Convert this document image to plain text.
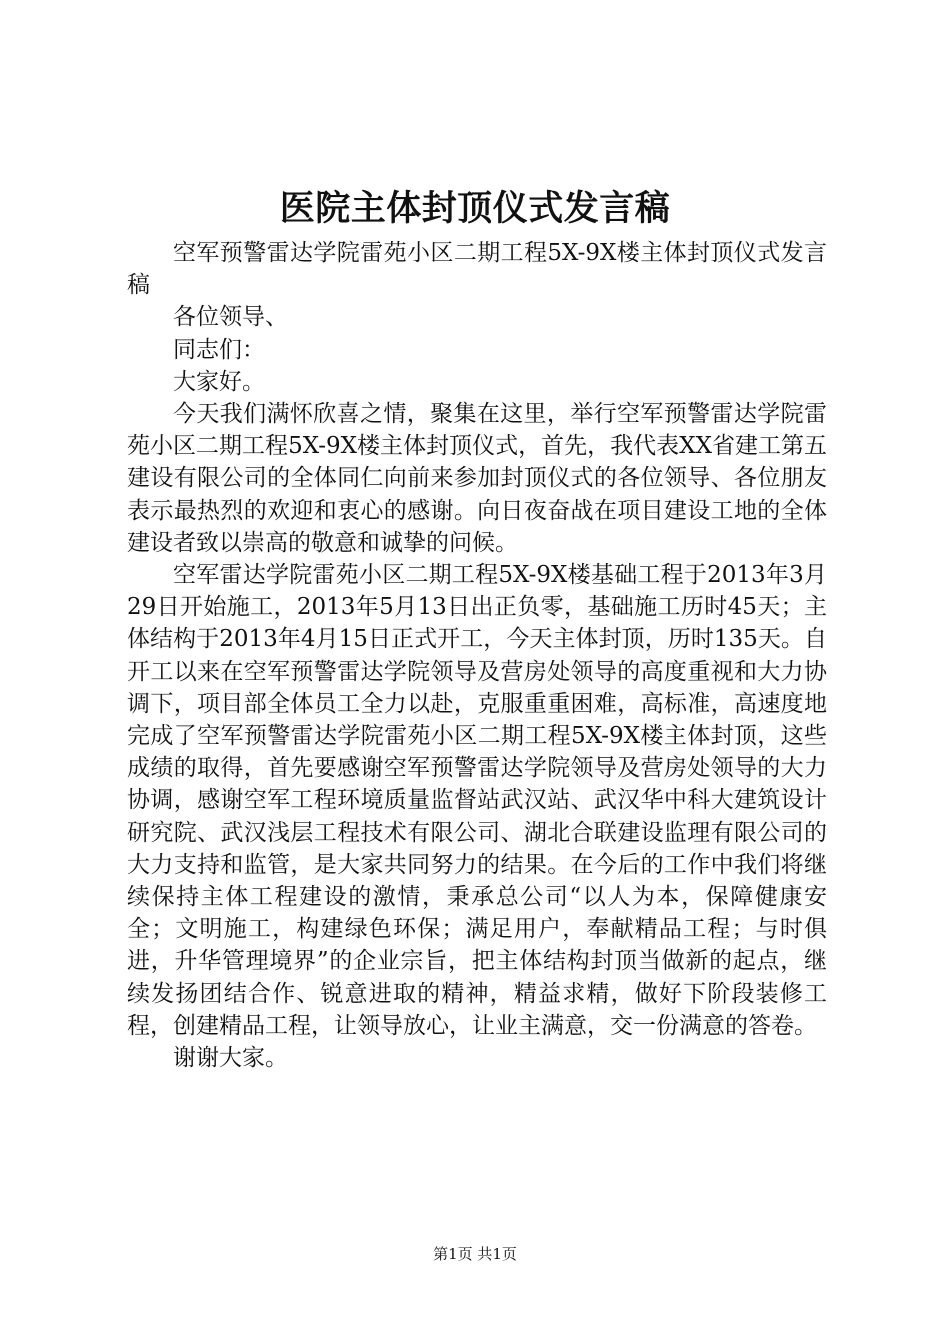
医院主体封顶仪式发言稿

空军预警雷达学院雷苑小区二期工程5X-9X楼主体封顶仪式发言稿

各位领导、

同志们：

大家好。

今天我们满怀欣喜之情，聚集在这里，举行空军预警雷达学院雷苑小区二期工程5X-9X楼主体封顶仪式，首先，我代表XX省建工第五建设有限公司的全体同仁向前来参加封顶仪式的各位领导、各位朋友表示最热烈的欢迎和衷心的感谢。向日夜奋战在项目建设工地的全体建设者致以崇高的敬意和诚挚的问候。

空军雷达学院雷苑小区二期工程5X-9X楼基础工程于2013年3月29日开始施工，2013年5月13日出正负零，基础施工历时45天；主体结构于2013年4月15日正式开工，今天主体封顶，历时135天。自开工以来在空军预警雷达学院领导及营房处领导的高度重视和大力协调下，项目部全体员工全力以赴，克服重重困难，高标准，高速度地完成了空军预警雷达学院雷苑小区二期工程5X-9X楼主体封顶，这些成绩的取得，首先要感谢空军预警雷达学院领导及营房处领导的大力协调，感谢空军工程环境质量监督站武汉站、武汉华中科大建筑设计研究院、武汉浅层工程技术有限公司、湖北合联建设监理有限公司的大力支持和监管，是大家共同努力的结果。在今后的工作中我们将继续保持主体工程建设的激情，秉承总公司“以人为本，保障健康安全；文明施工，构建绿色环保；满足用户，奉献精品工程；与时俱进，升华管理境界”的企业宗旨，把主体结构封顶当做新的起点，继续发扬团结合作、锐意进取的精神，精益求精，做好下阶段装修工程，创建精品工程，让领导放心，让业主满意，交一份满意的答卷。

谢谢大家。

第1页 共1页
